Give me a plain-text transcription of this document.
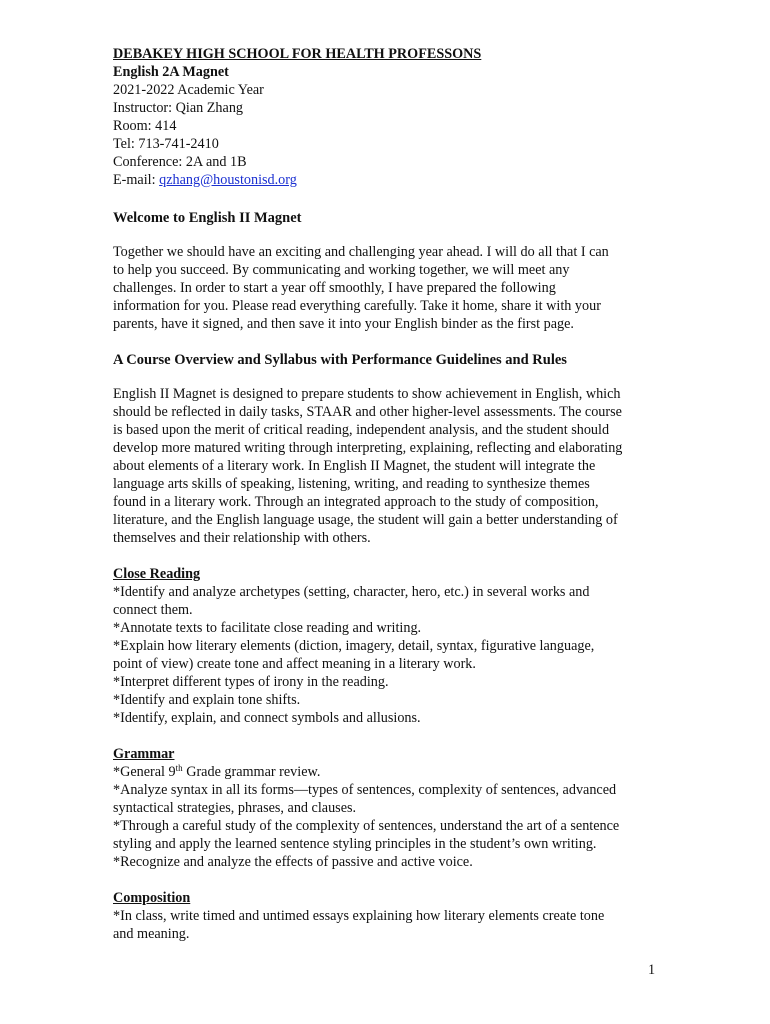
DEBAKEY HIGH SCHOOL FOR HEALTH PROFESSONS
English 2A Magnet
2021-2022 Academic Year
Instructor: Qian Zhang
Room: 414
Tel: 713-741-2410
Conference: 2A and 1B
E-mail: qzhang@houstonisd.org
Welcome to English II Magnet
Together we should have an exciting and challenging year ahead. I will do all that I can
to help you succeed. By communicating and working together, we will meet any
challenges. In order to start a year off smoothly, I have prepared the following
information for you. Please read everything carefully. Take it home, share it with your
parents, have it signed, and then save it into your English binder as the first page.
A Course Overview and Syllabus with Performance Guidelines and Rules
English II Magnet is designed to prepare students to show achievement in English, which
should be reflected in daily tasks, STAAR and other higher-level assessments. The course
is based upon the merit of critical reading, independent analysis, and the student should
develop more matured writing through interpreting, explaining, reflecting and elaborating
about elements of a literary work. In English II Magnet, the student will integrate the
language arts skills of speaking, listening, writing, and reading to synthesize themes
found in a literary work. Through an integrated approach to the study of composition,
literature, and the English language usage, the student will gain a better understanding of
themselves and their relationship with others.
Close Reading
*Identify and analyze archetypes (setting, character, hero, etc.) in several works and
connect them.
*Annotate texts to facilitate close reading and writing.
*Explain how literary elements (diction, imagery, detail, syntax, figurative language,
point of view) create tone and affect meaning in a literary work.
*Interpret different types of irony in the reading.
*Identify and explain tone shifts.
*Identify, explain, and connect symbols and allusions.
Grammar
*General 9th Grade grammar review.
*Analyze syntax in all its forms—types of sentences, complexity of sentences, advanced
syntactical strategies, phrases, and clauses.
*Through a careful study of the complexity of sentences, understand the art of a sentence
styling and apply the learned sentence styling principles in the student’s own writing.
*Recognize and analyze the effects of passive and active voice.
Composition
*In class, write timed and untimed essays explaining how literary elements create tone
and meaning.
1
